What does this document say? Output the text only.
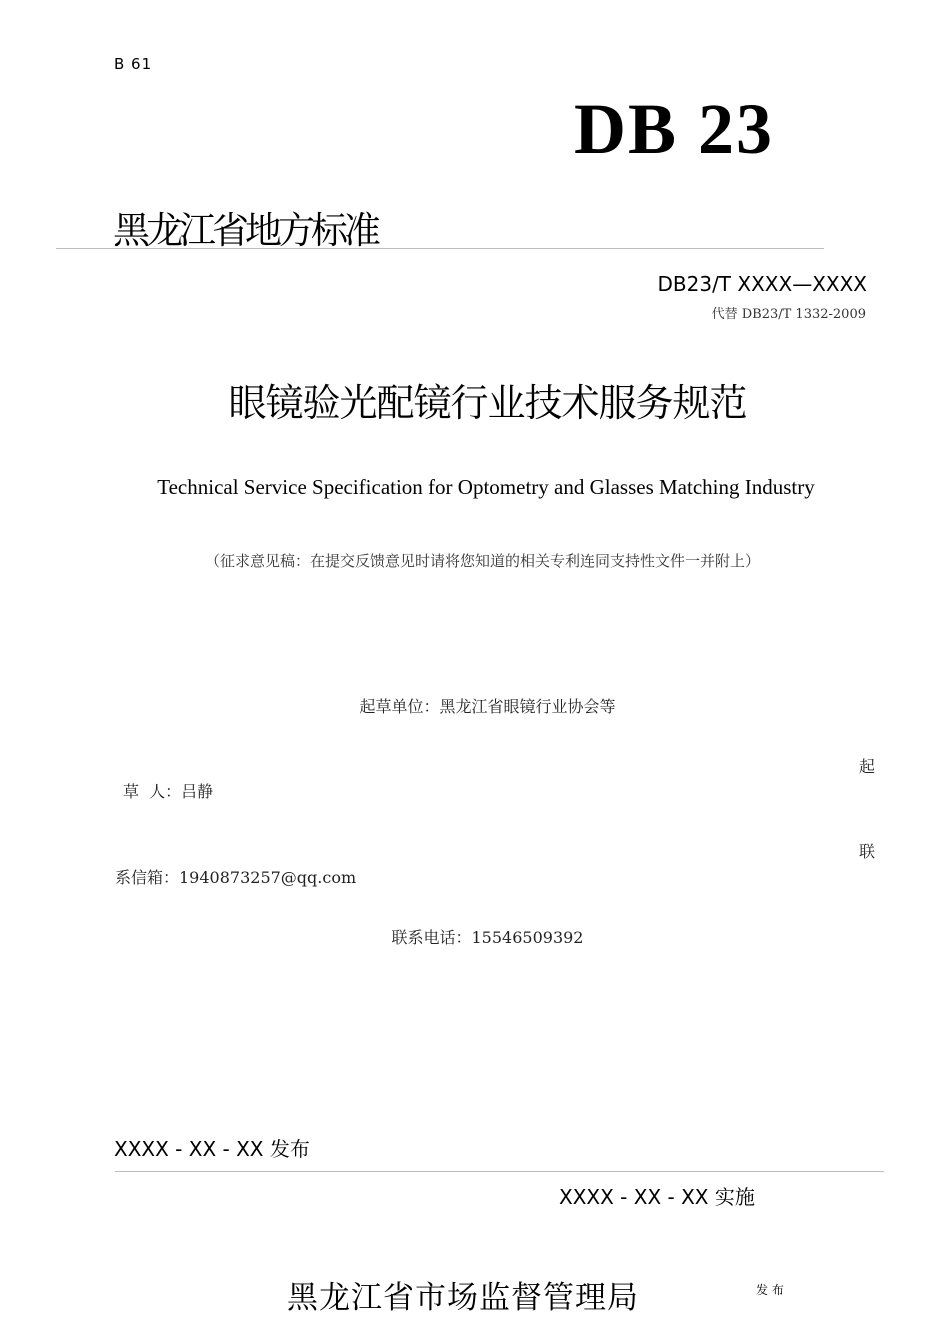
B 61
DB 23
黑龙江省地方标准
DB23/T XXXX—XXXX
代替 DB23/T 1332-2009
眼镜验光配镜行业技术服务规范
Technical Service Specification for Optometry and Glasses Matching Industry
（征求意见稿：在提交反馈意见时请将您知道的相关专利连同支持性文件一并附上）
起草单位：黑龙江省眼镜行业协会等
起
草  人：吕静
联
系信箱：1940873257@qq.com
联系电话：15546509392
XXXX - XX - XX 发布
XXXX - XX - XX 实施
黑龙江省市场监督管理局	发 布
